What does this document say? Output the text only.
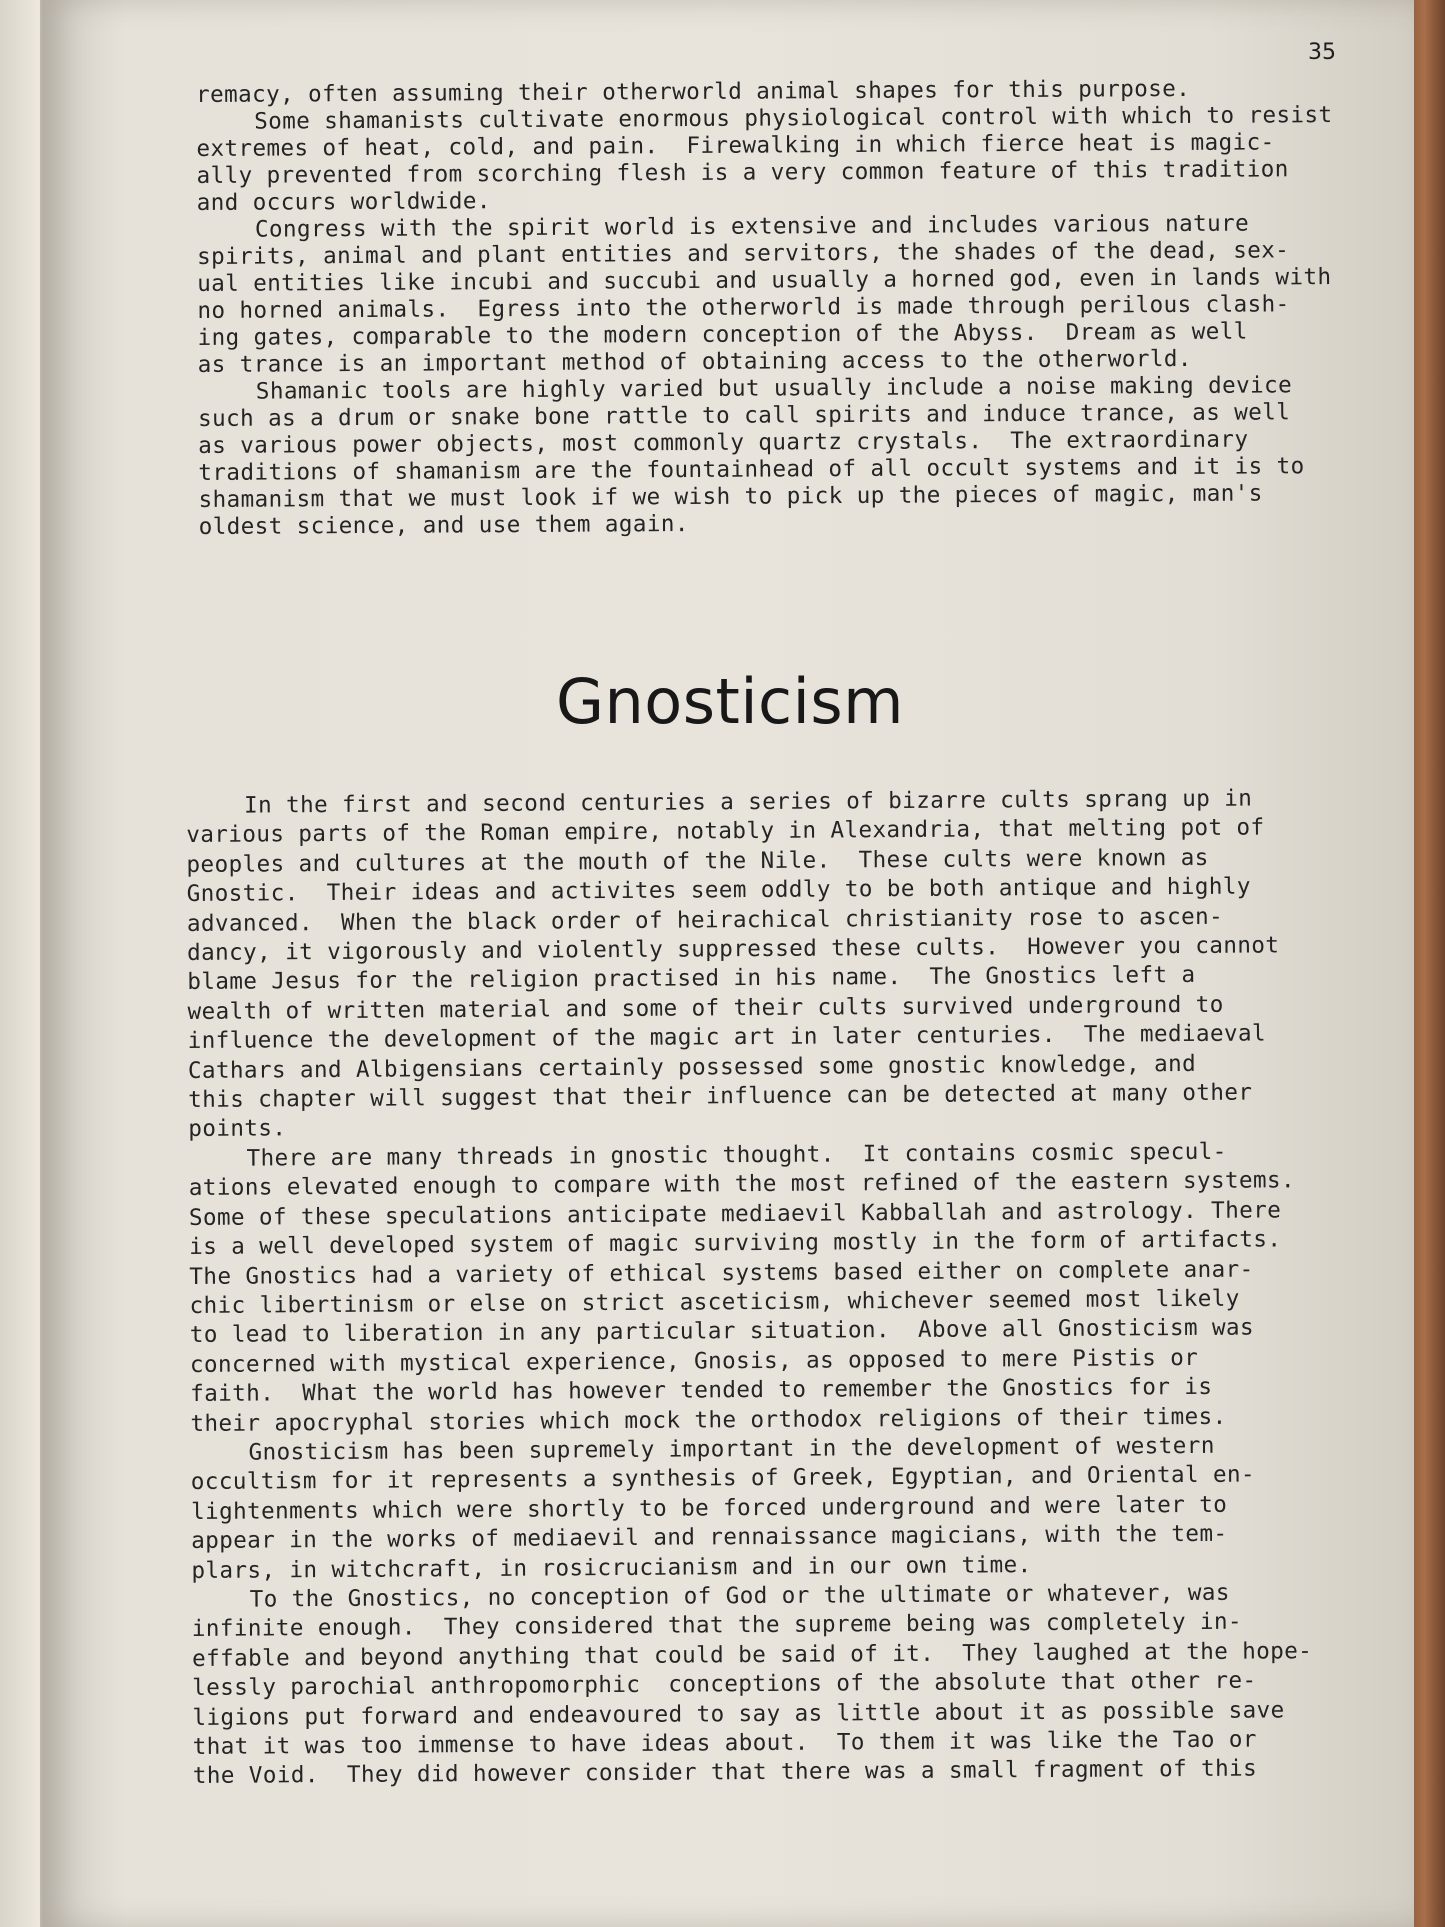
35

remacy, often assuming their otherworld animal shapes for this purpose.

Some shamanists cultivate enormous physiological control with which to resist
extremes of heat, cold, and pain.  Firewalking in which fierce heat is magic-
ally prevented from scorching flesh is a very common feature of this tradition
and occurs worldwide.

Congress with the spirit world is extensive and includes various nature
spirits, animal and plant entities and servitors, the shades of the dead, sex-
ual entities like incubi and succubi and usually a horned god, even in lands with
no horned animals.  Egress into the otherworld is made through perilous clash-
ing gates, comparable to the modern conception of the Abyss.  Dream as well
as trance is an important method of obtaining access to the otherworld.

Shamanic tools are highly varied but usually include a noise making device
such as a drum or snake bone rattle to call spirits and induce trance, as well
as various power objects, most commonly quartz crystals.  The extraordinary
traditions of shamanism are the fountainhead of all occult systems and it is to
shamanism that we must look if we wish to pick up the pieces of magic, man's
oldest science, and use them again.

Gnosticism

In the first and second centuries a series of bizarre cults sprang up in
various parts of the Roman empire, notably in Alexandria, that melting pot of
peoples and cultures at the mouth of the Nile.  These cults were known as
Gnostic.  Their ideas and activites seem oddly to be both antique and highly
advanced.  When the black order of heirachical christianity rose to ascen-
dancy, it vigorously and violently suppressed these cults.  However you cannot
blame Jesus for the religion practised in his name.  The Gnostics left a
wealth of written material and some of their cults survived underground to
influence the development of the magic art in later centuries.  The mediaeval
Cathars and Albigensians certainly possessed some gnostic knowledge, and
this chapter will suggest that their influence can be detected at many other
points.

There are many threads in gnostic thought.  It contains cosmic specul-
ations elevated enough to compare with the most refined of the eastern systems.
Some of these speculations anticipate mediaevil Kabballah and astrology. There
is a well developed system of magic surviving mostly in the form of artifacts.
The Gnostics had a variety of ethical systems based either on complete anar-
chic libertinism or else on strict asceticism, whichever seemed most likely
to lead to liberation in any particular situation.  Above all Gnosticism was
concerned with mystical experience, Gnosis, as opposed to mere Pistis or
faith.  What the world has however tended to remember the Gnostics for is
their apocryphal stories which mock the orthodox religions of their times.

Gnosticism has been supremely important in the development of western
occultism for it represents a synthesis of Greek, Egyptian, and Oriental en-
lightenments which were shortly to be forced underground and were later to
appear in the works of mediaevil and rennaissance magicians, with the tem-
plars, in witchcraft, in rosicrucianism and in our own time.

To the Gnostics, no conception of God or the ultimate or whatever, was
infinite enough.  They considered that the supreme being was completely in-
effable and beyond anything that could be said of it.  They laughed at the hope-
lessly parochial anthropomorphic  conceptions of the absolute that other re-
ligions put forward and endeavoured to say as little about it as possible save
that it was too immense to have ideas about.  To them it was like the Tao or
the Void.  They did however consider that there was a small fragment of this
